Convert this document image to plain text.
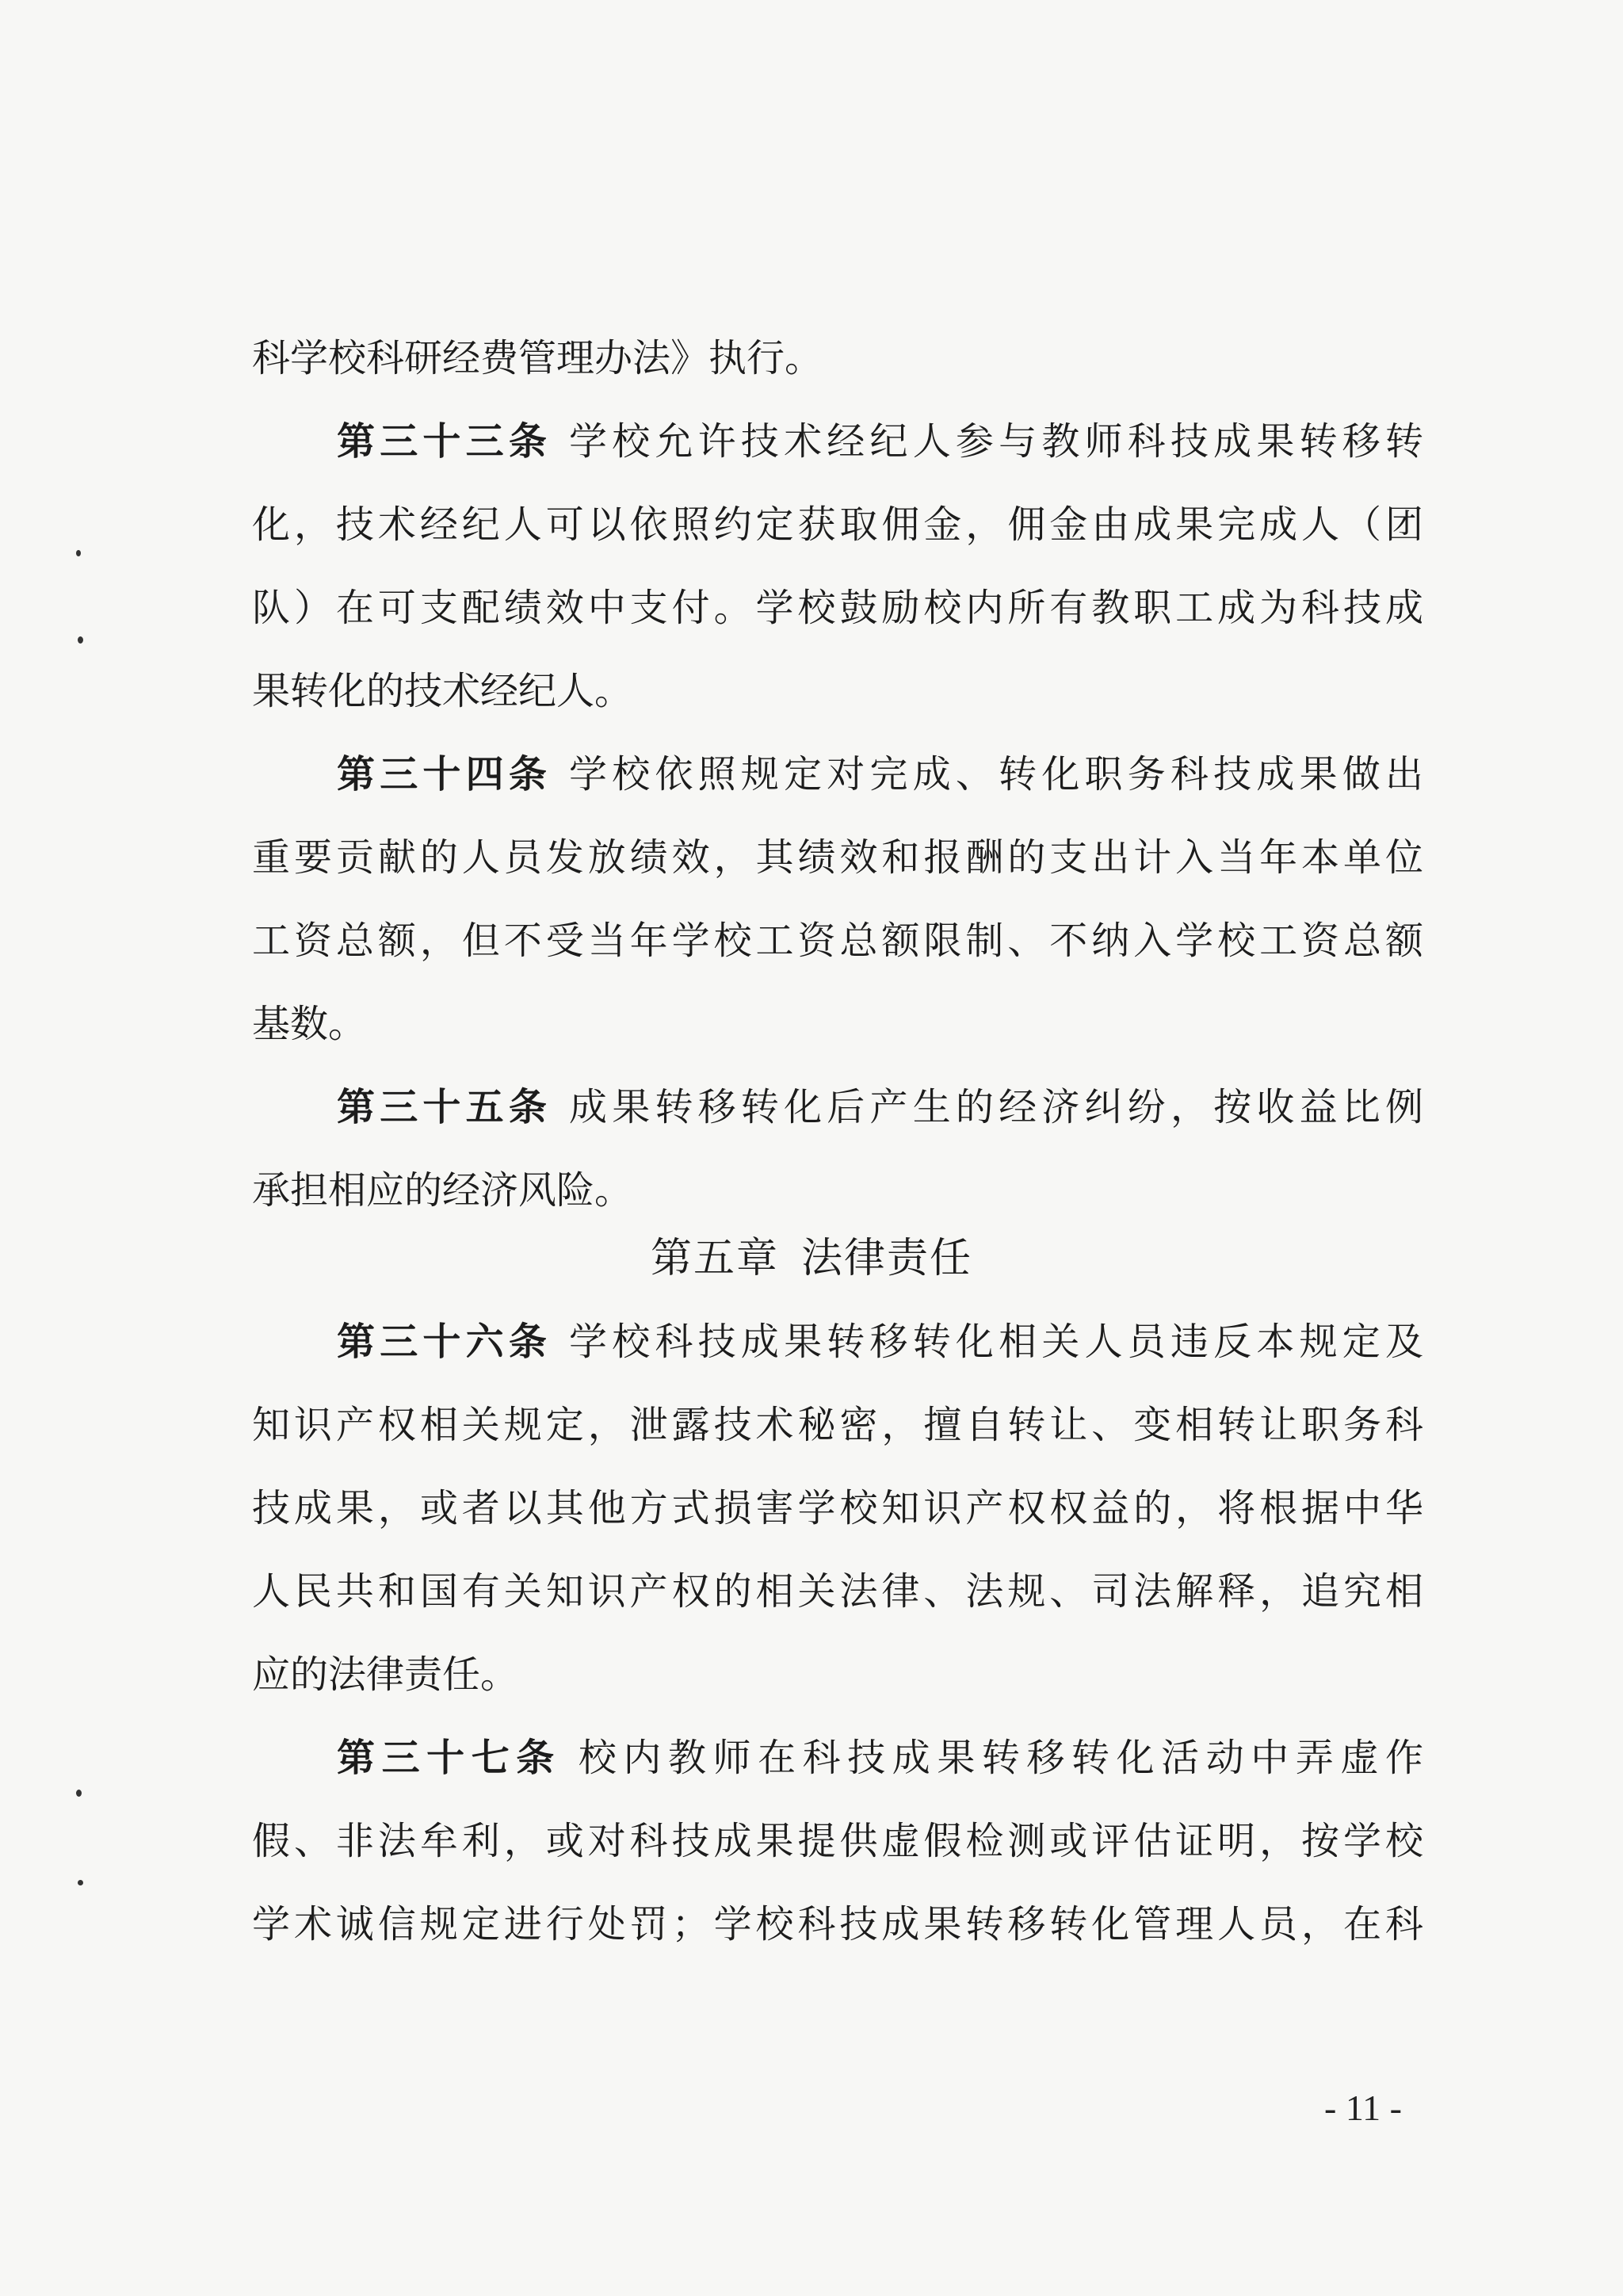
科学校科研经费管理办法》执行。
第三十三条 学校允许技术经纪人参与教师科技成果转移转
化，技术经纪人可以依照约定获取佣金，佣金由成果完成人（团
队）在可支配绩效中支付。学校鼓励校内所有教职工成为科技成
果转化的技术经纪人。
第三十四条 学校依照规定对完成、转化职务科技成果做出
重要贡献的人员发放绩效，其绩效和报酬的支出计入当年本单位
工资总额，但不受当年学校工资总额限制、不纳入学校工资总额
基数。
第三十五条 成果转移转化后产生的经济纠纷，按收益比例
承担相应的经济风险。
第五章 法律责任
第三十六条 学校科技成果转移转化相关人员违反本规定及
知识产权相关规定，泄露技术秘密，擅自转让、变相转让职务科
技成果，或者以其他方式损害学校知识产权权益的，将根据中华
人民共和国有关知识产权的相关法律、法规、司法解释，追究相
应的法律责任。
第三十七条 校内教师在科技成果转移转化活动中弄虚作
假、非法牟利，或对科技成果提供虚假检测或评估证明，按学校
学术诚信规定进行处罚；学校科技成果转移转化管理人员，在科
- 11 -
